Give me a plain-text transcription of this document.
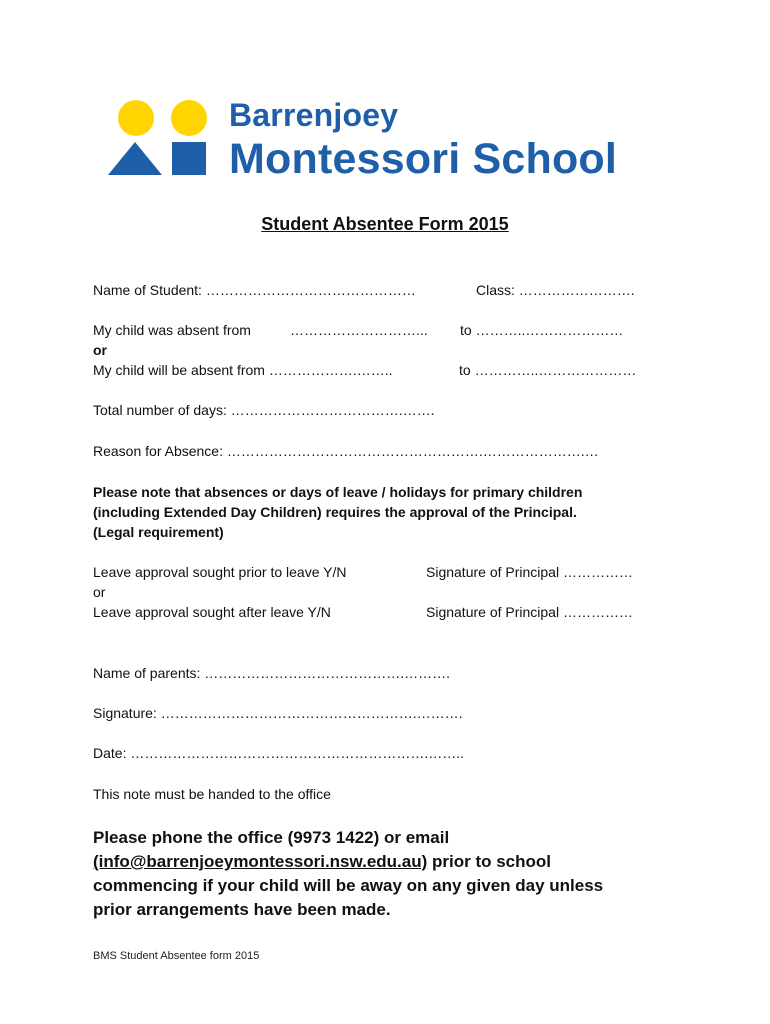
Barrenjoey
Montessori School
Student Absentee Form 2015
Name of Student: ………………………………………	Class: …………………….
My child was absent from	………………………... to ………..…………………
or
My child will be absent from ……………….……..	to …………..…………………
Total number of days: ……………………………….…….
Reason for Absence: ……………………………………………….………………….…
Please note that absences or days of leave / holidays for primary children
(including Extended Day Children) requires the approval of the Principal.
(Legal requirement)
Leave approval sought prior to leave Y/N	Signature of Principal ……………
or
Leave approval sought after leave Y/N	Signature of Principal ……………
Name of parents: …………………………………….……….
Signature: ……………………………………………….……….
Date: ……………………………………………………….……..
This note must be handed to the office
Please phone the office (9973 1422) or email
(info@barrenjoeymontessori.nsw.edu.au) prior to school
commencing if your child will be away on any given day unless
prior arrangements have been made.
BMS Student Absentee form 2015
